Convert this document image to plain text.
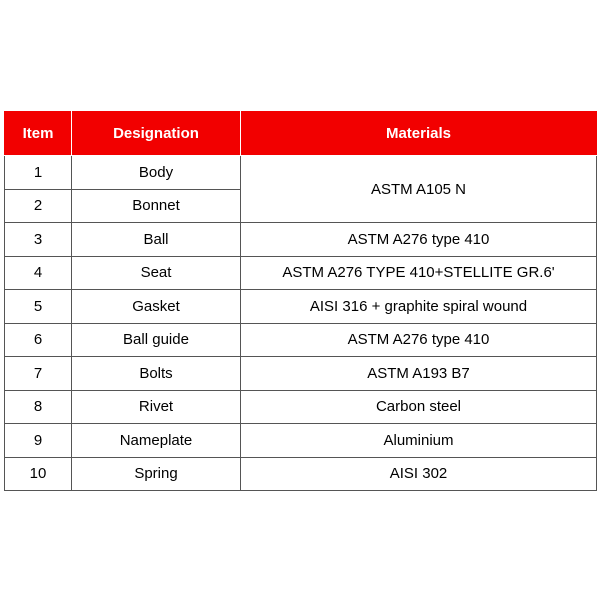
Item	Designation	Materials
1	Body	ASTM A105 N
2	Bonnet	
3	Ball	ASTM A276 type 410
4	Seat	ASTM A276 TYPE 410+STELLITE GR.6'
5	Gasket	AISI 316 + graphite spiral wound
6	Ball guide	ASTM A276 type 410
7	Bolts	ASTM A193 B7
8	Rivet	Carbon steel
9	Nameplate	Aluminium
10	Spring	AISI 302
